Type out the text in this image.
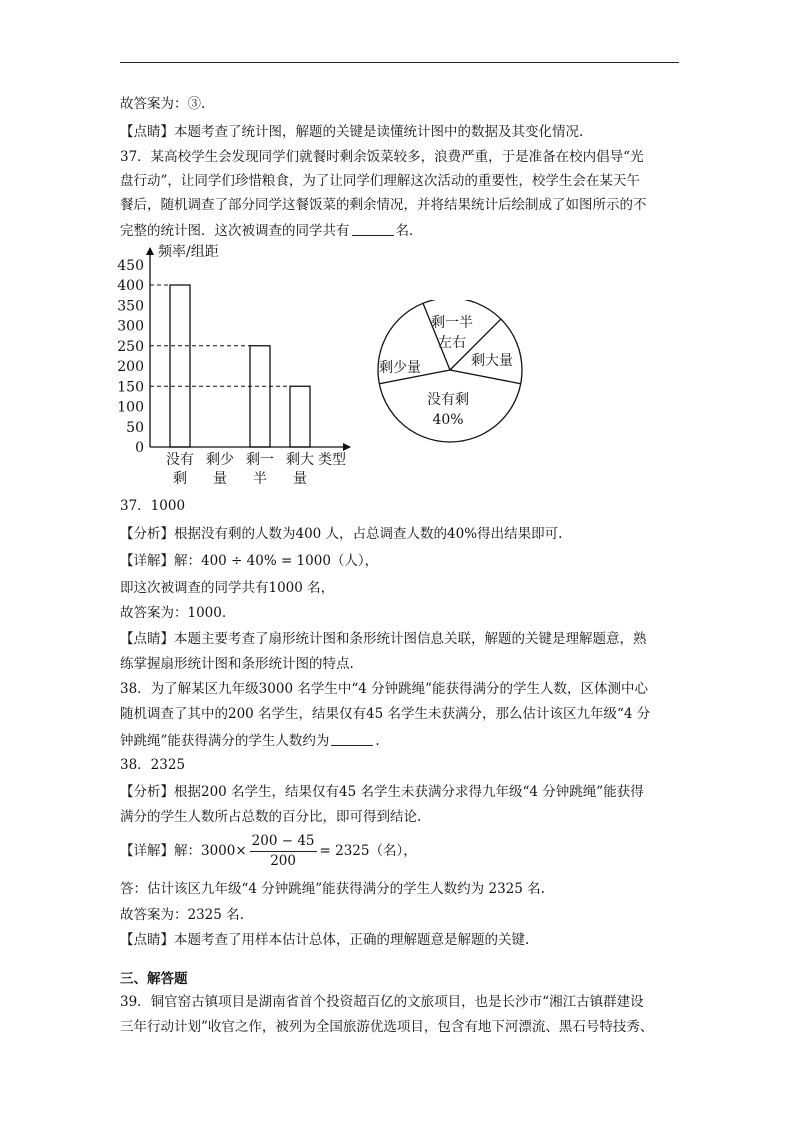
故答案为：③.
【点睛】本题考查了统计图，解题的关键是读懂统计图中的数据及其变化情况.
37．某高校学生会发现同学们就餐时剩余饭菜较多，浪费严重，于是准备在校内倡导“光
盘行动”，让同学们珍惜粮食，为了让同学们理解这次活动的重要性，校学生会在某天午
餐后，随机调查了部分同学这餐饭菜的剩余情况，并将结果统计后绘制成了如图所示的不
完整的统计图．这次被调查的同学共有	名．
频率/组距
0
50
100
150
200
250
300
350
400
450
没有
剩
剩少
量
剩一
半
剩大
量
类型
剩一半
左右
剩大量
没有剩
40%
剩少量
37．1000
【分析】根据没有剩的人数为400 人，占总调查人数的40%得出结果即可.
【详解】解：400 ÷ 40% = 1000（人），
即这次被调查的同学共有1000 名，
故答案为：1000.
【点睛】本题主要考查了扇形统计图和条形统计图信息关联，解题的关键是理解题意，熟
练掌握扇形统计图和条形统计图的特点.
38．为了解某区九年级3000 名学生中“4 分钟跳绳”能获得满分的学生人数，区体测中心
随机调查了其中的200 名学生，结果仅有45 名学生未获满分，那么估计该区九年级“4 分
钟跳绳”能获得满分的学生人数约为	.
38．2325
【分析】根据200 名学生，结果仅有45 名学生未获满分求得九年级“4 分钟跳绳”能获得
满分的学生人数所占总数的百分比，即可得到结论.
【详解】解：$3000\times \frac{200 - 45}{200} = 2325$（名），
答：估计该区九年级“4 分钟跳绳”能获得满分的学生人数约为 2325 名.
故答案为：2325 名.
【点睛】本题考查了用样本估计总体，正确的理解题意是解题的关键.
三、解答题
39．铜官窑古镇项目是湖南省首个投资超百亿的文旅项目，也是长沙市“湘江古镇群建设
三年行动计划”收官之作，被列为全国旅游优选项目，包含有地下河漂流、黑石号特技秀、
